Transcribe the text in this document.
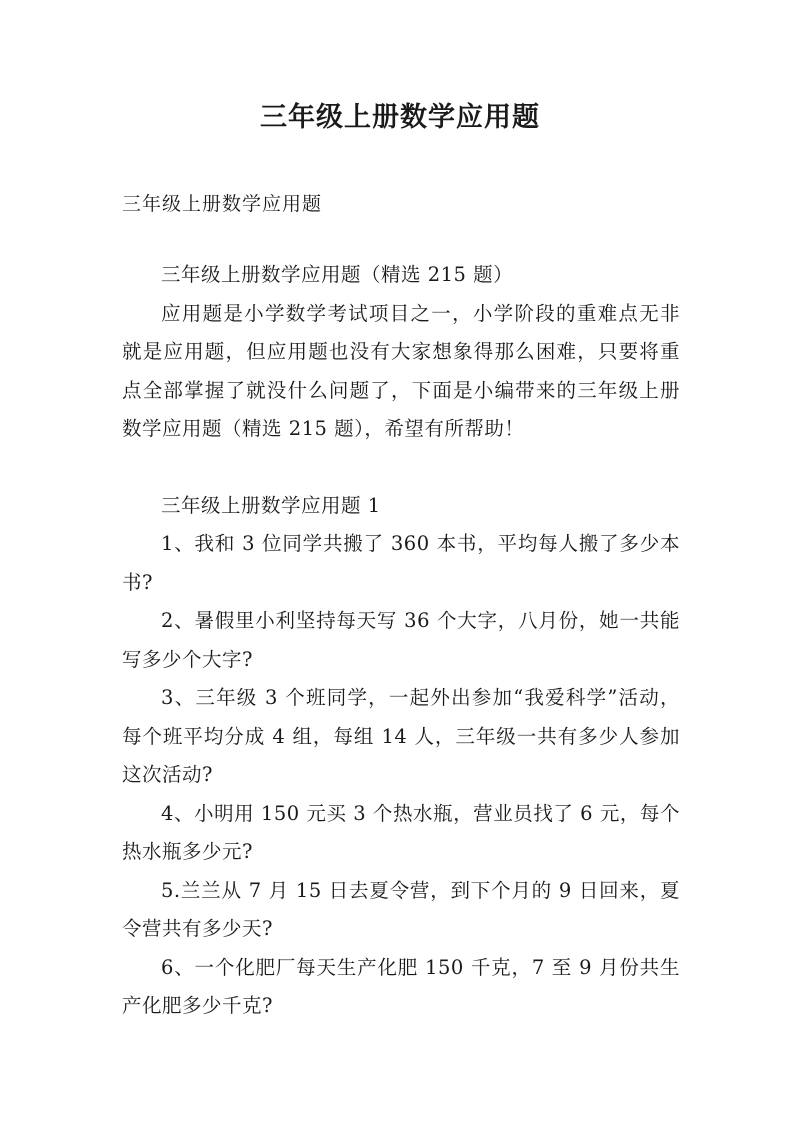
三年级上册数学应用题
三年级上册数学应用题

三年级上册数学应用题（精选 215 题）

应用题是小学数学考试项目之一，小学阶段的重难点无非就是应用题，但应用题也没有大家想象得那么困难，只要将重点全部掌握了就没什么问题了，下面是小编带来的三年级上册数学应用题（精选 215 题），希望有所帮助！

三年级上册数学应用题 1

1、我和 3 位同学共搬了 360 本书，平均每人搬了多少本书?

2、暑假里小利坚持每天写 36 个大字，八月份，她一共能写多少个大字?

3、三年级 3 个班同学，一起外出参加“我爱科学”活动，每个班平均分成 4 组，每组 14 人，三年级一共有多少人参加这次活动?

4、小明用 150 元买 3 个热水瓶，营业员找了 6 元，每个热水瓶多少元?

5.兰兰从 7 月 15 日去夏令营，到下个月的 9 日回来，夏令营共有多少天?

6、一个化肥厂每天生产化肥 150 千克，7 至 9 月份共生产化肥多少千克?
